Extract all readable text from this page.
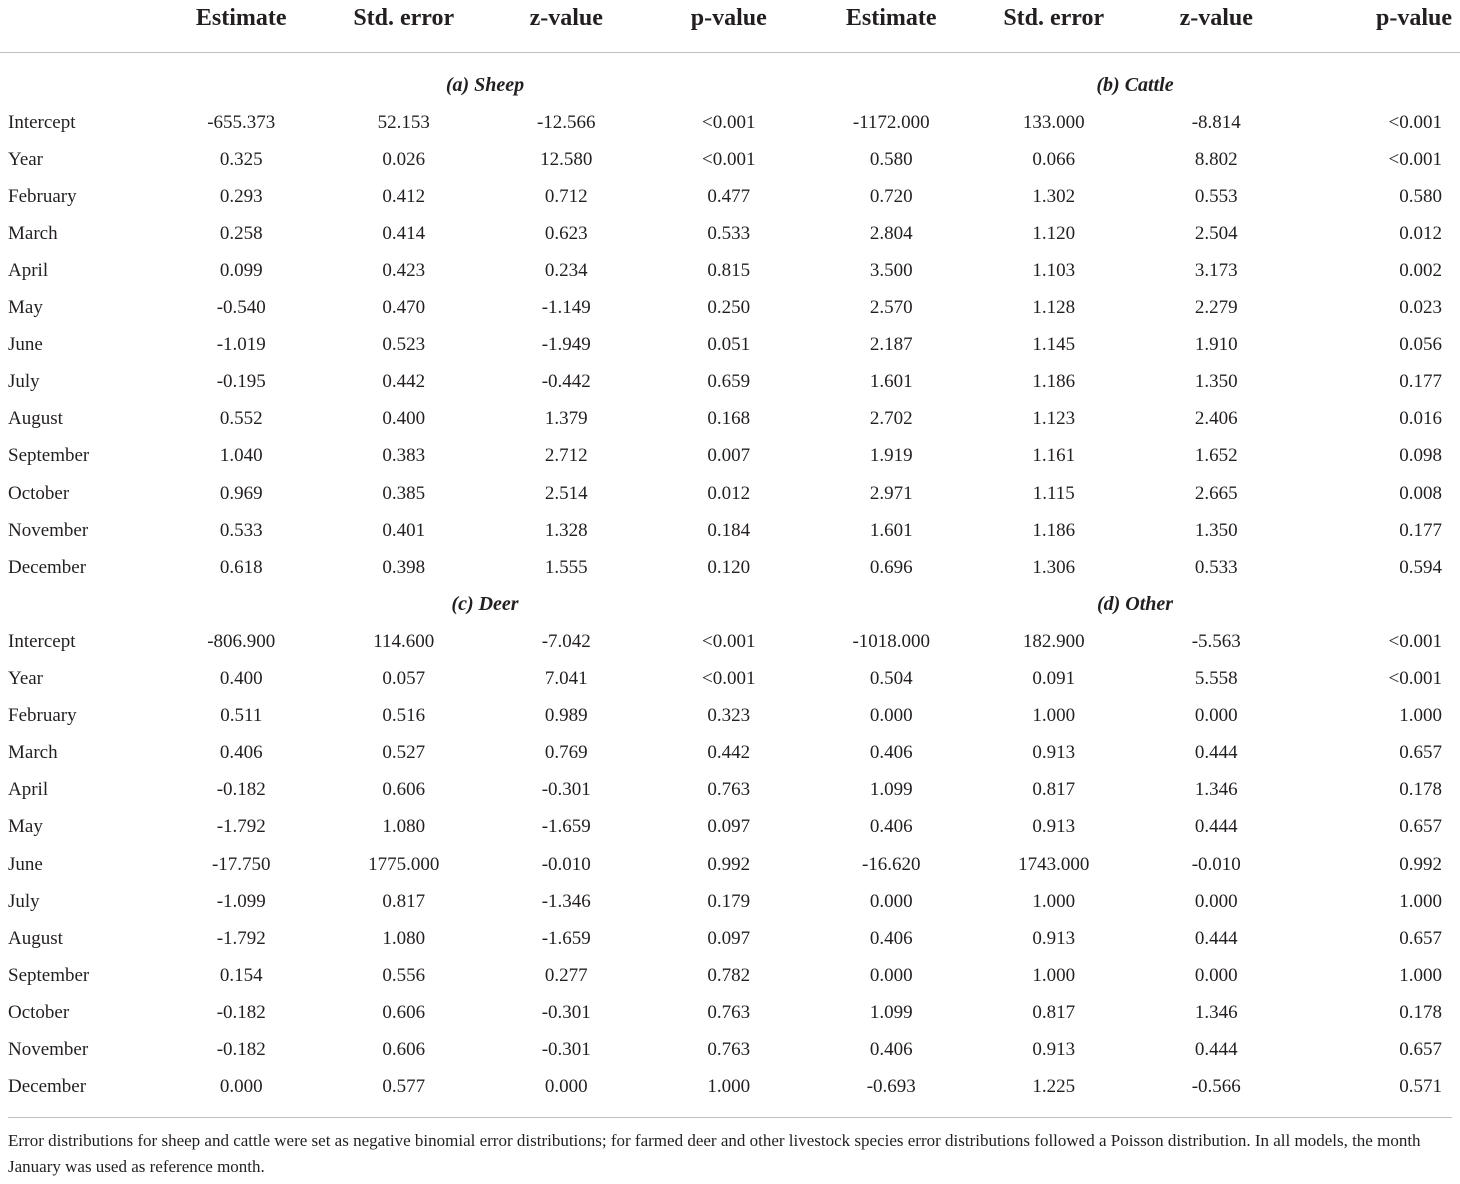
	Estimate	Std. error	z-value	p-value	Estimate	Std. error	z-value	p-value

	(a) Sheep				(b) Cattle			
Intercept	-655.373	52.153	-12.566	<0.001	-1172.000	133.000	-8.814	<0.001
Year	0.325	0.026	12.580	<0.001	0.580	0.066	8.802	<0.001
February	0.293	0.412	0.712	0.477	0.720	1.302	0.553	0.580
March	0.258	0.414	0.623	0.533	2.804	1.120	2.504	0.012
April	0.099	0.423	0.234	0.815	3.500	1.103	3.173	0.002
May	-0.540	0.470	-1.149	0.250	2.570	1.128	2.279	0.023
June	-1.019	0.523	-1.949	0.051	2.187	1.145	1.910	0.056
July	-0.195	0.442	-0.442	0.659	1.601	1.186	1.350	0.177
August	0.552	0.400	1.379	0.168	2.702	1.123	2.406	0.016
September	1.040	0.383	2.712	0.007	1.919	1.161	1.652	0.098
October	0.969	0.385	2.514	0.012	2.971	1.115	2.665	0.008
November	0.533	0.401	1.328	0.184	1.601	1.186	1.350	0.177
December	0.618	0.398	1.555	0.120	0.696	1.306	0.533	0.594
	(c) Deer				(d) Other			
Intercept	-806.900	114.600	-7.042	<0.001	-1018.000	182.900	-5.563	<0.001
Year	0.400	0.057	7.041	<0.001	0.504	0.091	5.558	<0.001
February	0.511	0.516	0.989	0.323	0.000	1.000	0.000	1.000
March	0.406	0.527	0.769	0.442	0.406	0.913	0.444	0.657
April	-0.182	0.606	-0.301	0.763	1.099	0.817	1.346	0.178
May	-1.792	1.080	-1.659	0.097	0.406	0.913	0.444	0.657
June	-17.750	1775.000	-0.010	0.992	-16.620	1743.000	-0.010	0.992
July	-1.099	0.817	-1.346	0.179	0.000	1.000	0.000	1.000
August	-1.792	1.080	-1.659	0.097	0.406	0.913	0.444	0.657
September	0.154	0.556	0.277	0.782	0.000	1.000	0.000	1.000
October	-0.182	0.606	-0.301	0.763	1.099	0.817	1.346	0.178
November	-0.182	0.606	-0.301	0.763	0.406	0.913	0.444	0.657
December	0.000	0.577	0.000	1.000	-0.693	1.225	-0.566	0.571
Error distributions for sheep and cattle were set as negative binomial error distributions; for farmed deer and other livestock species error distributions followed a Poisson distribution. In all models, the month January was used as reference month.
